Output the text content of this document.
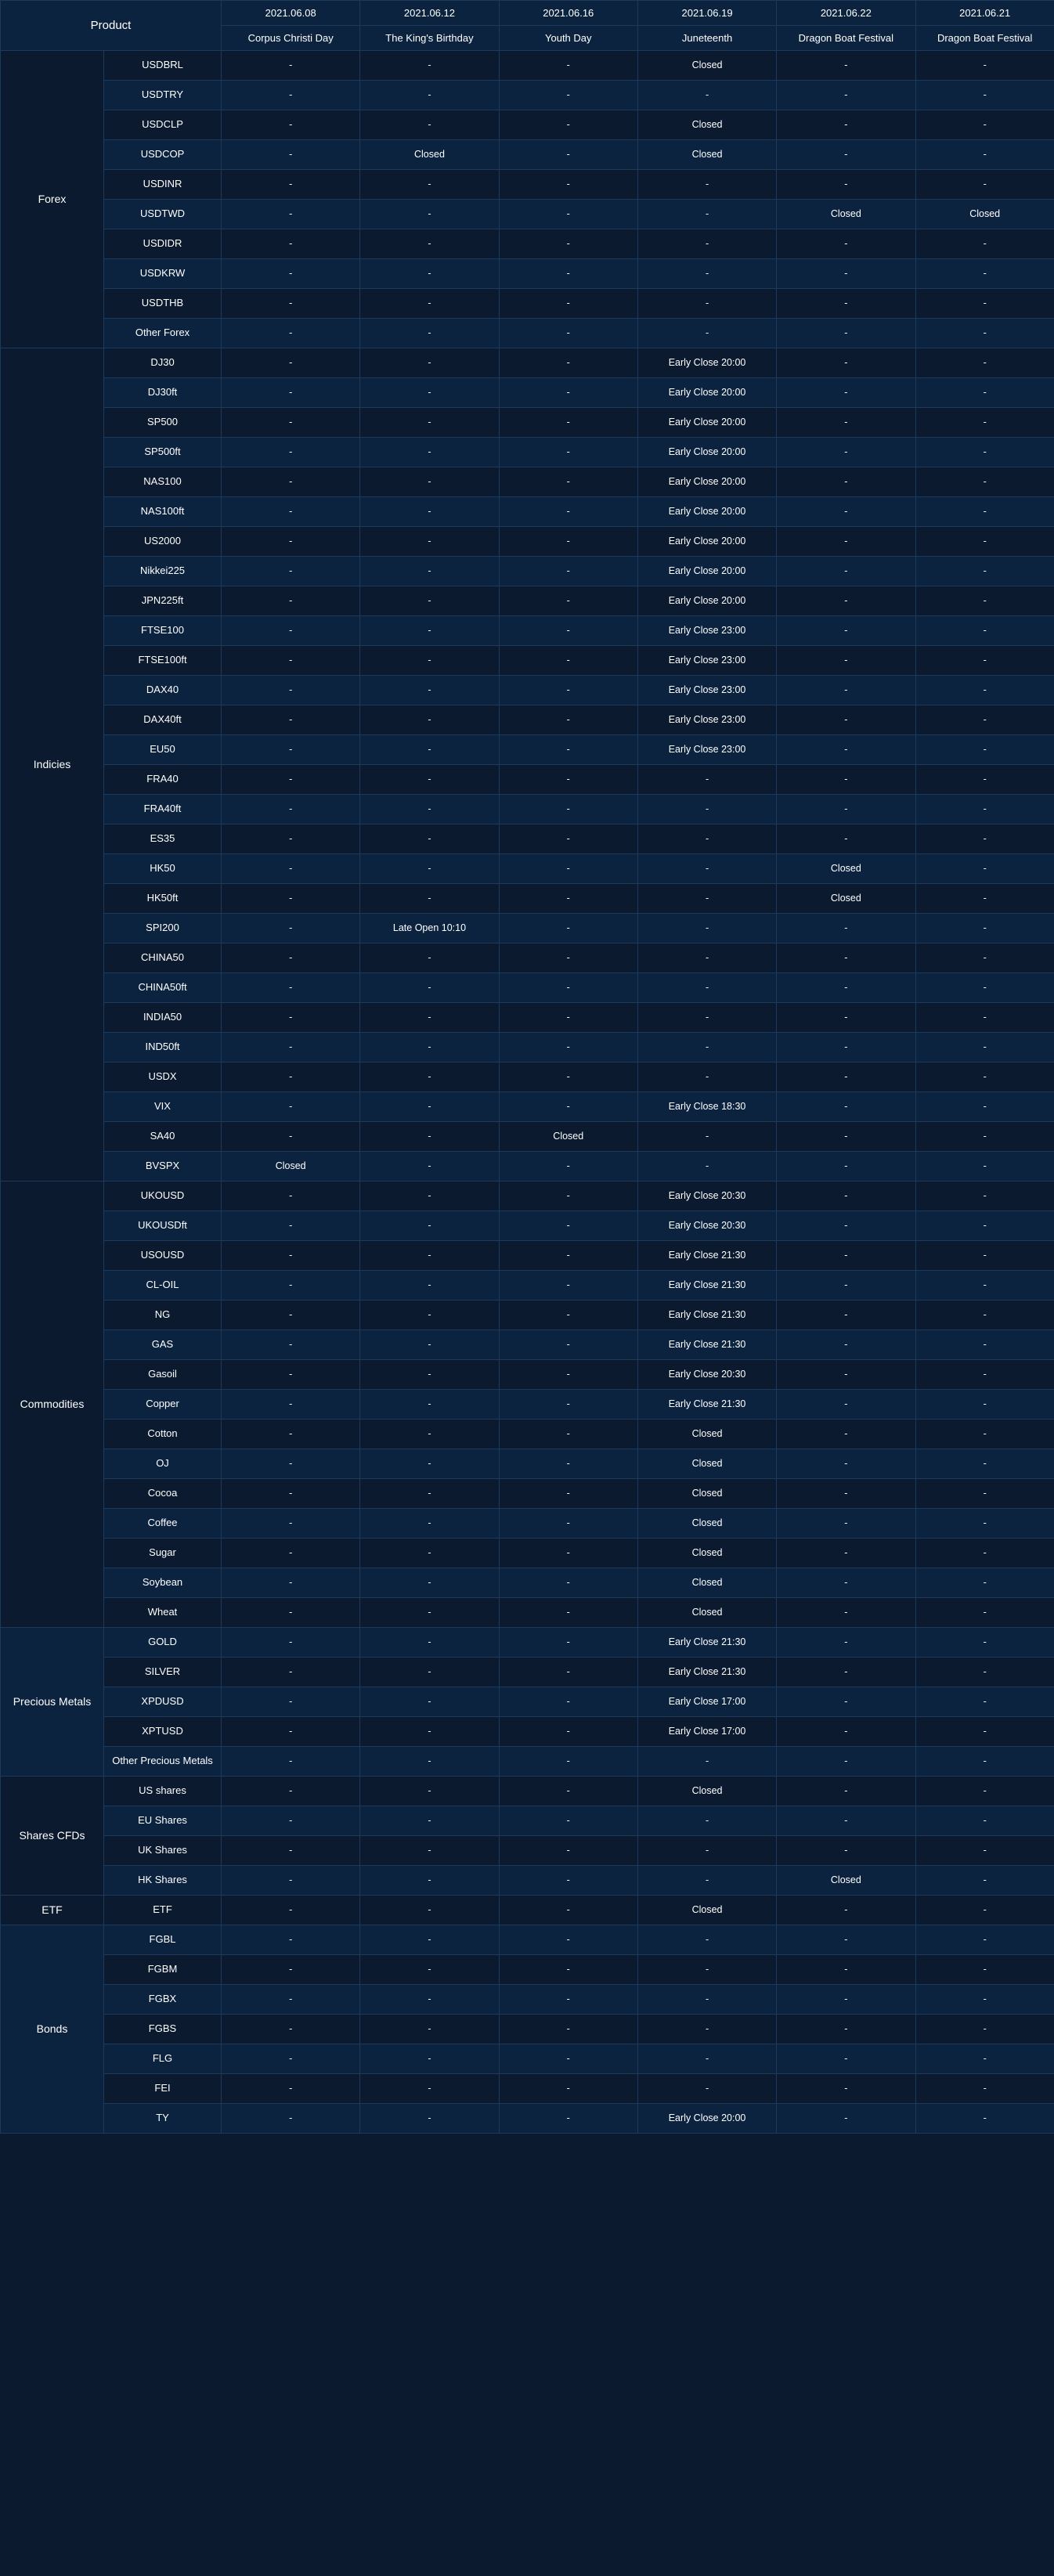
Product		2021.06.08	2021.06.12	2021.06.16	2021.06.19	2021.06.22	2021.06.21
		Corpus Christi Day	The King's Birthday	Youth Day	Juneteenth	Dragon Boat Festival	Dragon Boat Festival
Forex	USDBRL	-	-	-	Closed	-	-
	USDTRY	-	-	-	-	-	-
	USDCLP	-	-	-	Closed	-	-
	USDCOP	-	Closed	-	Closed	-	-
	USDINR	-	-	-	-	-	-
	USDTWD	-	-	-	-	Closed	Closed
	USDIDR	-	-	-	-	-	-
	USDKRW	-	-	-	-	-	-
	USDTHB	-	-	-	-	-	-
	Other Forex	-	-	-	-	-	-
Indicies	DJ30	-	-	-	Early Close 20:00	-	-
	DJ30ft	-	-	-	Early Close 20:00	-	-
	SP500	-	-	-	Early Close 20:00	-	-
	SP500ft	-	-	-	Early Close 20:00	-	-
	NAS100	-	-	-	Early Close 20:00	-	-
	NAS100ft	-	-	-	Early Close 20:00	-	-
	US2000	-	-	-	Early Close 20:00	-	-
	Nikkei225	-	-	-	Early Close 20:00	-	-
	JPN225ft	-	-	-	Early Close 20:00	-	-
	FTSE100	-	-	-	Early Close 23:00	-	-
	FTSE100ft	-	-	-	Early Close 23:00	-	-
	DAX40	-	-	-	Early Close 23:00	-	-
	DAX40ft	-	-	-	Early Close 23:00	-	-
	EU50	-	-	-	Early Close 23:00	-	-
	FRA40	-	-	-	-	-	-
	FRA40ft	-	-	-	-	-	-
	ES35	-	-	-	-	-	-
	HK50	-	-	-	-	Closed	-
	HK50ft	-	-	-	-	Closed	-
	SPI200	-	Late Open 10:10	-	-	-	-
	CHINA50	-	-	-	-	-	-
	CHINA50ft	-	-	-	-	-	-
	INDIA50	-	-	-	-	-	-
	IND50ft	-	-	-	-	-	-
	USDX	-	-	-	-	-	-
	VIX	-	-	-	Early Close 18:30	-	-
	SA40	-	-	Closed	-	-	-
	BVSPX	Closed	-	-	-	-	-
Commodities	UKOUSD	-	-	-	Early Close 20:30	-	-
	UKOUSDft	-	-	-	Early Close 20:30	-	-
	USOUSD	-	-	-	Early Close 21:30	-	-
	CL-OIL	-	-	-	Early Close 21:30	-	-
	NG	-	-	-	Early Close 21:30	-	-
	GAS	-	-	-	Early Close 21:30	-	-
	Gasoil	-	-	-	Early Close 20:30	-	-
	Copper	-	-	-	Early Close 21:30	-	-
	Cotton	-	-	-	Closed	-	-
	OJ	-	-	-	Closed	-	-
	Cocoa	-	-	-	Closed	-	-
	Coffee	-	-	-	Closed	-	-
	Sugar	-	-	-	Closed	-	-
	Soybean	-	-	-	Closed	-	-
	Wheat	-	-	-	Closed	-	-
Precious Metals	GOLD	-	-	-	Early Close 21:30	-	-
	SILVER	-	-	-	Early Close 21:30	-	-
	XPDUSD	-	-	-	Early Close 17:00	-	-
	XPTUSD	-	-	-	Early Close 17:00	-	-
	Other Precious Metals	-	-	-	-	-	-
Shares CFDs	US shares	-	-	-	Closed	-	-
	EU Shares	-	-	-	-	-	-
	UK Shares	-	-	-	-	-	-
	HK Shares	-	-	-	-	Closed	-
ETF	ETF	-	-	-	Closed	-	-
Bonds	FGBL	-	-	-	-	-	-
	FGBM	-	-	-	-	-	-
	FGBX	-	-	-	-	-	-
	FGBS	-	-	-	-	-	-
	FLG	-	-	-	-	-	-
	FEI	-	-	-	-	-	-
	TY	-	-	-	Early Close 20:00	-	-
